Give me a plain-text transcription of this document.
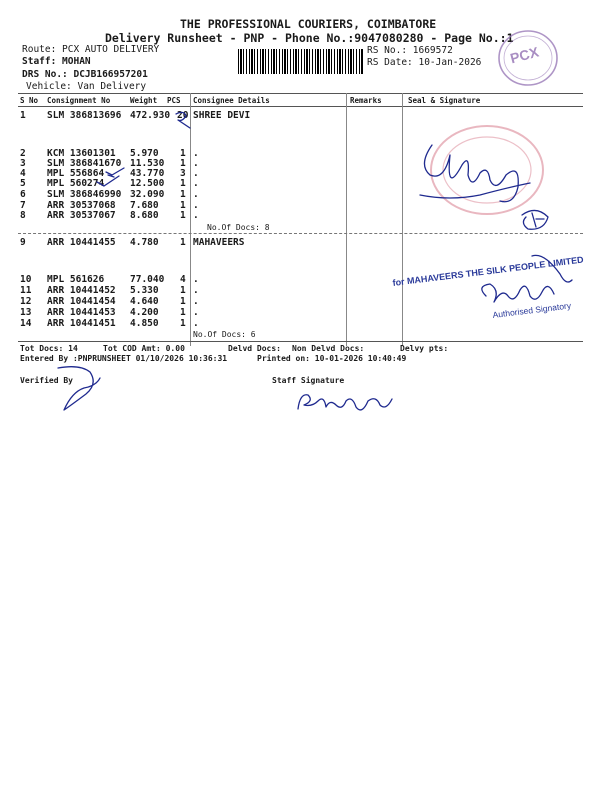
THE PROFESSIONAL COURIERS, COIMBATORE
Delivery Runsheet - PNP - Phone No.:9047080280 - Page No.:1
Route: PCX AUTO DELIVERY
Staff: MOHAN
DRS No.: DCJB166957201
Vehicle: Van Delivery
RS No.: 1669572
RS Date: 10-Jan-2026 PCX
S No Consignment No	Weight PCS Consignee Details	Remarks	Seal & Signature
1 SLM 386813696 472.930 20 SHREE DEVI
2 KCM 13601301 5.970 1 .
3 SLM 386841670 11.530 1 .
4 MPL 556864	43.770 3 .
5 MPL 560274	12.500 1 .
6 SLM 386846990 32.090 1 .
7 ARR 30537068 7.680 1 .
8 ARR 30537067 8.680 1 .
No.Of Docs: 8
9 ARR 10441455 4.780 1 MAHAVEERS
10 MPL 561626	77.040 4 .
11 ARR 10441452 5.330 1 .
12 ARR 10441454 4.640 1 .
13 ARR 10441453 4.200 1 .
14 ARR 10441451 4.850 1 .
No.Of Docs: 6
Tot Docs: 14	Tot COD Amt: 0.00	Delvd Docs: Non Delvd Docs:	Delvy pts:
Entered By :PNPRUNSHEET 01/10/2026 10:36:31	Printed on: 10-01-2026 10:40:49
Verified By	Staff Signature
for MAHAVEERS THE SILK PEOPLE LIMITED
Authorised Signatory
